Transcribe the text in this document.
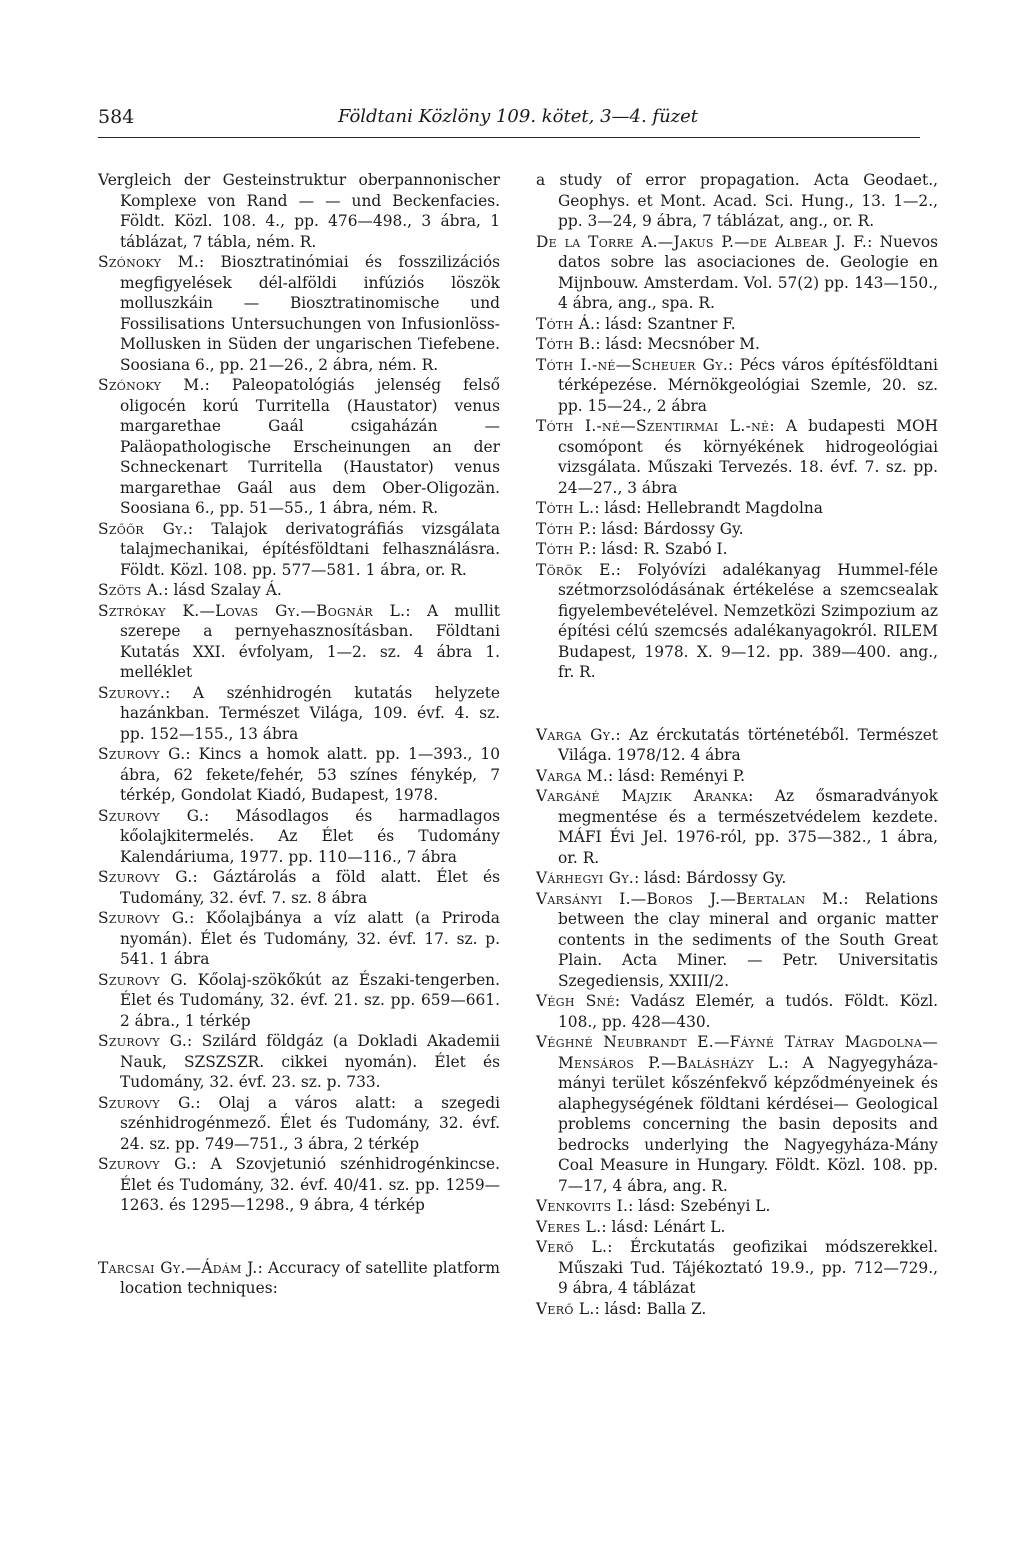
584	Földtani Közlöny 109. kötet, 3—4. füzet
Vergleich der Gesteinstruktur oberpannonischer Komplexe von Rand — — und Beckenfacies. Földt. Közl. 108. 4., pp. 476—498., 3 ábra, 1 táblázat, 7 tábla, ném. R.
Szónoky M.: Biosztratinómiai és fosszilizációs megfigyelések dél-alföldi infúziós löszök molluszkáin — Biosztratinomische und Fossilisations Untersuchungen von Infusionlöss-Mollusken in Süden der ungarischen Tiefebene. Soosiana 6., pp. 21—26., 2 ábra, ném. R.
Szónoky M.: Paleopatológiás jelenség felső oligocén korú Turritella (Haustator) venus margarethae Gaál csigaházán — Paläopathologische Erscheinungen an der Schneckenart Turritella (Haustator) venus margarethae Gaál aus dem Ober-Oligozän. Soosiana 6., pp. 51—55., 1 ábra, ném. R.
Szőőr Gy.: Talajok derivatográfiás vizsgálata talajmechanikai, építésföldtani felhasználásra. Földt. Közl. 108. pp. 577—581. 1 ábra, or. R.
Szöts A.: lásd Szalay Á.
Sztrókay K.—Lovas Gy.—Bognár L.: A mullit szerepe a pernyehasznosításban. Földtani Kutatás XXI. évfolyam, 1—2. sz. 4 ábra 1. melléklet
Szurovy.: A szénhidrogén kutatás helyzete hazánkban. Természet Világa, 109. évf. 4. sz. pp. 152—155., 13 ábra
Szurovy G.: Kincs a homok alatt. pp. 1—393., 10 ábra, 62 fekete/fehér, 53 színes fénykép, 7 térkép, Gondolat Kiadó, Budapest, 1978.
Szurovy G.: Másodlagos és harmadlagos kőolajkitermelés. Az Élet és Tudomány Kalendáriuma, 1977. pp. 110—116., 7 ábra
Szurovy G.: Gáztárolás a föld alatt. Élet és Tudomány, 32. évf. 7. sz. 8 ábra
Szurovy G.: Kőolajbánya a víz alatt (a Priroda nyomán). Élet és Tudomány, 32. évf. 17. sz. p. 541. 1 ábra
Szurovy G. Kőolaj-szökőkút az Északi-tengerben. Élet és Tudomány, 32. évf. 21. sz. pp. 659—661. 2 ábra., 1 térkép
Szurovy G.: Szilárd földgáz (a Dokladi Akademii Nauk, SZSZSZR. cikkei nyomán). Élet és Tudomány, 32. évf. 23. sz. p. 733.
Szurovy G.: Olaj a város alatt: a szegedi szénhidrogénmező. Élet és Tudomány, 32. évf. 24. sz. pp. 749—751., 3 ábra, 2 térkép
Szurovy G.: A Szovjetunió szénhidrogénkincse. Élet és Tudomány, 32. évf. 40/41. sz. pp. 1259—1263. és 1295—1298., 9 ábra, 4 térkép
Tarcsai Gy.—Ádám J.: Accuracy of satellite platform location techniques:
a study of error propagation. Acta Geodaet., Geophys. et Mont. Acad. Sci. Hung., 13. 1—2., pp. 3—24, 9 ábra, 7 táblázat, ang., or. R.
De la Torre A.—Jakus P.—de Albear J. F.: Nuevos datos sobre las asociaciones de. Geologie en Mijnbouw. Amsterdam. Vol. 57(2) pp. 143—150., 4 ábra, ang., spa. R.
Tóth Á.: lásd: Szantner F.
Tóth B.: lásd: Mecsnóber M.
Tóth I.-né—Scheuer Gy.: Pécs város építésföldtani térképezése. Mérnökgeológiai Szemle, 20. sz. pp. 15—24., 2 ábra
Tóth I.-né—Szentirmai L.-né: A budapesti MOH csomópont és környékének hidrogeológiai vizsgálata. Műszaki Tervezés. 18. évf. 7. sz. pp. 24—27., 3 ábra
Tóth L.: lásd: Hellebrandt Magdolna
Tóth P.: lásd: Bárdossy Gy.
Tóth P.: lásd: R. Szabó I.
Török E.: Folyóvízi adalékanyag Hummel-féle szétmorzsolódásának értékelése a szemcsealak figyelembevételével. Nemzetközi Szimpozium az építési célú szemcsés adalékanyagokról. RILEM Budapest, 1978. X. 9—12. pp. 389—400. ang., fr. R.
Varga Gy.: Az érckutatás történetéből. Természet Világa. 1978/12. 4 ábra
Varga M.: lásd: Reményi P.
Vargáné Majzik Aranka: Az ősmaradványok megmentése és a természetvédelem kezdete. MÁFI Évi Jel. 1976-ról, pp. 375—382., 1 ábra, or. R.
Várhegyi Gy.: lásd: Bárdossy Gy.
Varsányi I.—Boros J.—Bertalan M.: Relations between the clay mineral and organic matter contents in the sediments of the South Great Plain. Acta Miner. — Petr. Universitatis Szegediensis, XXIII/2.
Végh Sné: Vadász Elemér, a tudós. Földt. Közl. 108., pp. 428—430.
Véghné Neubrandt E.—Fáyné Tátray Magdolna—Mensáros P.—Balásházy L.: A Nagyegyháza-mányi terület kőszénfekvő képződményeinek és alaphegységének földtani kérdései— Geological problems concerning the basin deposits and bedrocks underlying the Nagyegyháza-Mány Coal Measure in Hungary. Földt. Közl. 108. pp. 7—17, 4 ábra, ang. R.
Venkovits I.: lásd: Szebényi L.
Veres L.: lásd: Lénárt L.
Verő L.: Érckutatás geofizikai módszerekkel. Műszaki Tud. Tájékoztató 19.9., pp. 712—729., 9 ábra, 4 táblázat
Verő L.: lásd: Balla Z.
